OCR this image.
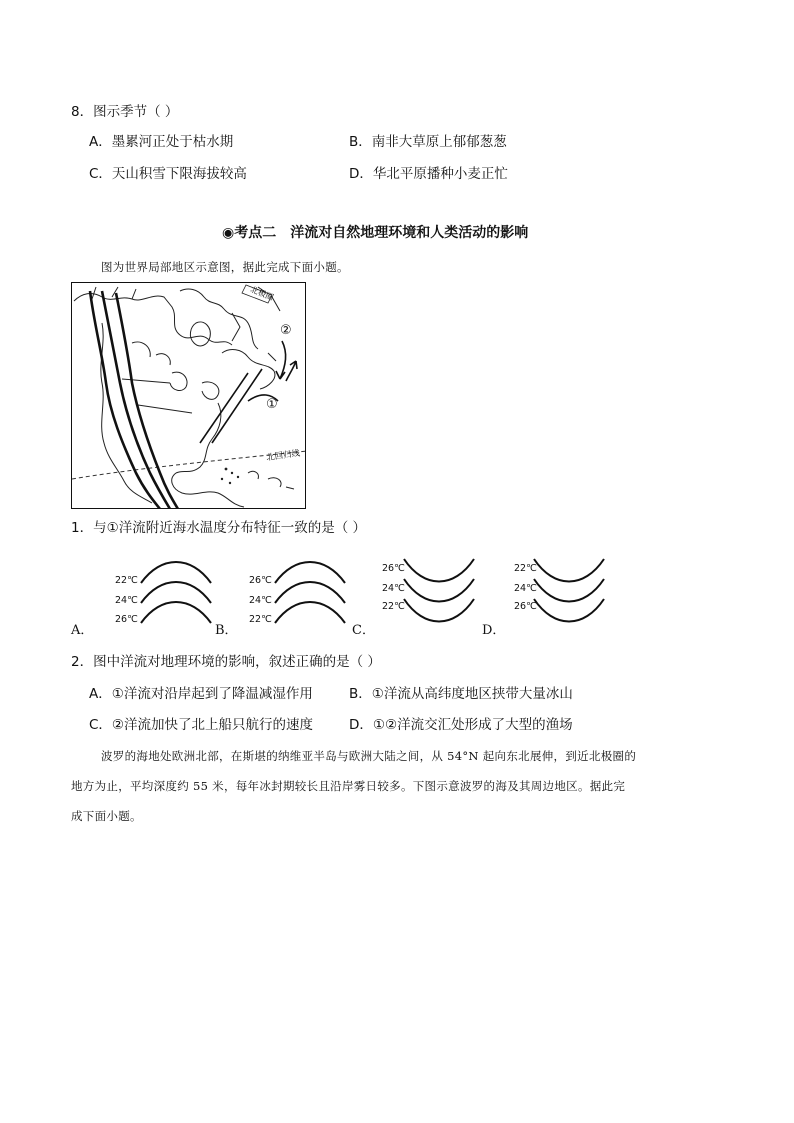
8．图示季节（ ）
A．墨累河正处于枯水期	B．南非大草原上郁郁葱葱
C．天山积雪下限海拔较高	D．华北平原播种小麦正忙
◉考点二　洋流对自然地理环境和人类活动的影响
图为世界局部地区示意图，据此完成下面小题。
北极圈
北回归线
①
②
1．与①洋流附近海水温度分布特征一致的是（ ）
22℃
24℃
26℃
A．
26℃
24℃
22℃
B．
26℃
24℃
22℃
C．
22℃
24℃
26℃
D．
2．图中洋流对地理环境的影响，叙述正确的是（ ）
A．①洋流对沿岸起到了降温减湿作用	B．①洋流从高纬度地区挟带大量冰山
C．②洋流加快了北上船只航行的速度	D．①②洋流交汇处形成了大型的渔场
波罗的海地处欧洲北部，在斯堪的纳维亚半岛与欧洲大陆之间，从 54°N 起向东北展伸，到近北极圈的
地方为止，平均深度约 55 米，每年冰封期较长且沿岸雾日较多。下图示意波罗的海及其周边地区。据此完
成下面小题。
